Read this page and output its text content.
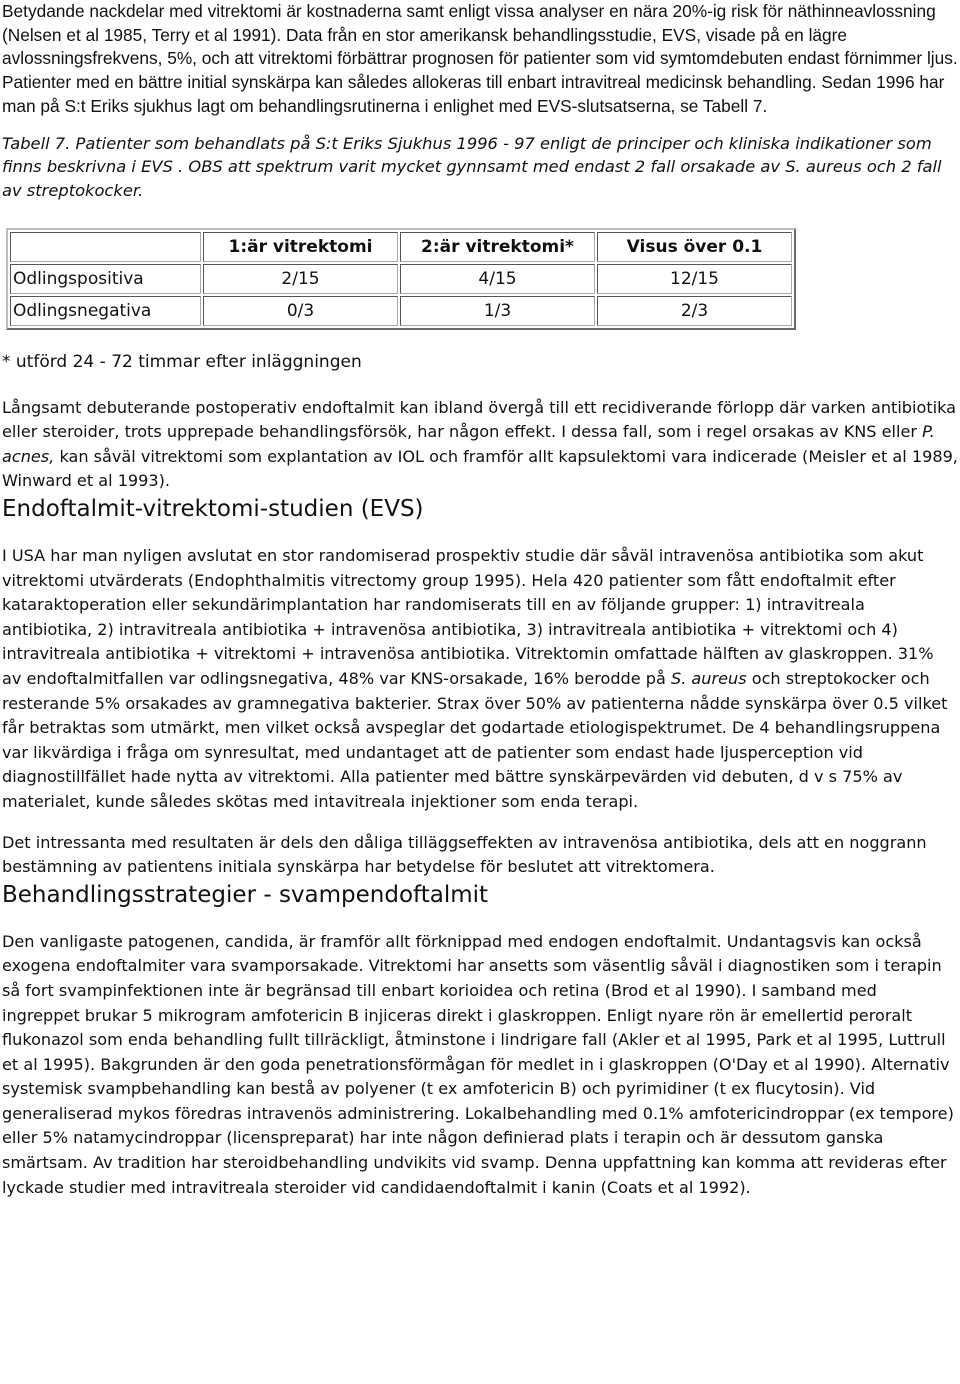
Betydande nackdelar med vitrektomi är kostnaderna samt enligt vissa analyser en nära 20%-ig risk för näthinneavlossning (Nelsen et al 1985, Terry et al 1991). Data från en stor amerikansk behandlingsstudie, EVS, visade på en lägre avlossningsfrekvens, 5%, och att vitrektomi förbättrar prognosen för patienter som vid symtomdebuten endast förnimmer ljus. Patienter med en bättre initial synskärpa kan således allokeras till enbart intravitreal medicinsk behandling. Sedan 1996 har man på S:t Eriks sjukhus lagt om behandlingsrutinerna i enlighet med EVS-slutsatserna, se Tabell 7.

Tabell 7. Patienter som behandlats på S:t Eriks Sjukhus 1996 - 97 enligt de principer och kliniska indikationer som finns beskrivna i EVS . OBS att spektrum varit mycket gynnsamt med endast 2 fall orsakade av S. aureus och 2 fall av streptokocker.

	1:är vitrektomi	2:är vitrektomi*	Visus över 0.1
Odlingspositiva	2/15	4/15	12/15
Odlingsnegativa	0/3	1/3	2/3

* utförd 24 - 72 timmar efter inläggningen

Långsamt debuterande postoperativ endoftalmit kan ibland övergå till ett recidiverande förlopp där varken antibiotika eller steroider, trots upprepade behandlingsförsök, har någon effekt. I dessa fall, som i regel orsakas av KNS eller P. acnes, kan såväl vitrektomi som explantation av IOL och framför allt kapsulektomi vara indicerade (Meisler et al 1989, Winward et al 1993).

Endoftalmit-vitrektomi-studien (EVS)

I USA har man nyligen avslutat en stor randomiserad prospektiv studie där såväl intravenösa antibiotika som akut vitrektomi utvärderats (Endophthalmitis vitrectomy group 1995). Hela 420 patienter som fått endoftalmit efter kataraktoperation eller sekundärimplantation har randomiserats till en av följande grupper: 1) intravitreala antibiotika, 2) intravitreala antibiotika + intravenösa antibiotika, 3) intravitreala antibiotika + vitrektomi och 4) intravitreala antibiotika + vitrektomi + intravenösa antibiotika. Vitrektomin omfattade hälften av glaskroppen. 31% av endoftalmitfallen var odlingsnegativa, 48% var KNS-orsakade, 16% berodde på S. aureus och streptokocker och resterande 5% orsakades av gramnegativa bakterier. Strax över 50% av patienterna nådde synskärpa över 0.5 vilket får betraktas som utmärkt, men vilket också avspeglar det godartade etiologispektrumet. De 4 behandlingsruppena var likvärdiga i fråga om synresultat, med undantaget att de patienter som endast hade ljusperception vid diagnostillfället hade nytta av vitrektomi. Alla patienter med bättre synskärpevärden vid debuten, d v s 75% av materialet, kunde således skötas med intavitreala injektioner som enda terapi.

Det intressanta med resultaten är dels den dåliga tilläggseffekten av intravenösa antibiotika, dels att en noggrann bestämning av patientens initiala synskärpa har betydelse för beslutet att vitrektomera.

Behandlingsstrategier - svampendoftalmit

Den vanligaste patogenen, candida, är framför allt förknippad med endogen endoftalmit. Undantagsvis kan också exogena endoftalmiter vara svamporsakade. Vitrektomi har ansetts som väsentlig såväl i diagnostiken som i terapin så fort svampinfektionen inte är begränsad till enbart korioidea och retina (Brod et al 1990). I samband med ingreppet brukar 5 mikrogram amfotericin B injiceras direkt i glaskroppen. Enligt nyare rön är emellertid peroralt flukonazol som enda behandling fullt tillräckligt, åtminstone i lindrigare fall (Akler et al 1995, Park et al 1995, Luttrull et al 1995). Bakgrunden är den goda penetrationsförmågan för medlet in i glaskroppen (O'Day et al 1990). Alternativ systemisk svampbehandling kan bestå av polyener (t ex amfotericin B) och pyrimidiner (t ex flucytosin). Vid generaliserad mykos föredras intravenös administrering. Lokalbehandling med 0.1% amfotericindroppar (ex tempore) eller 5% natamycindroppar (licenspreparat) har inte någon definierad plats i terapin och är dessutom ganska smärtsam. Av tradition har steroidbehandling undvikits vid svamp. Denna uppfattning kan komma att revideras efter lyckade studier med intravitreala steroider vid candidaendoftalmit i kanin (Coats et al 1992).
